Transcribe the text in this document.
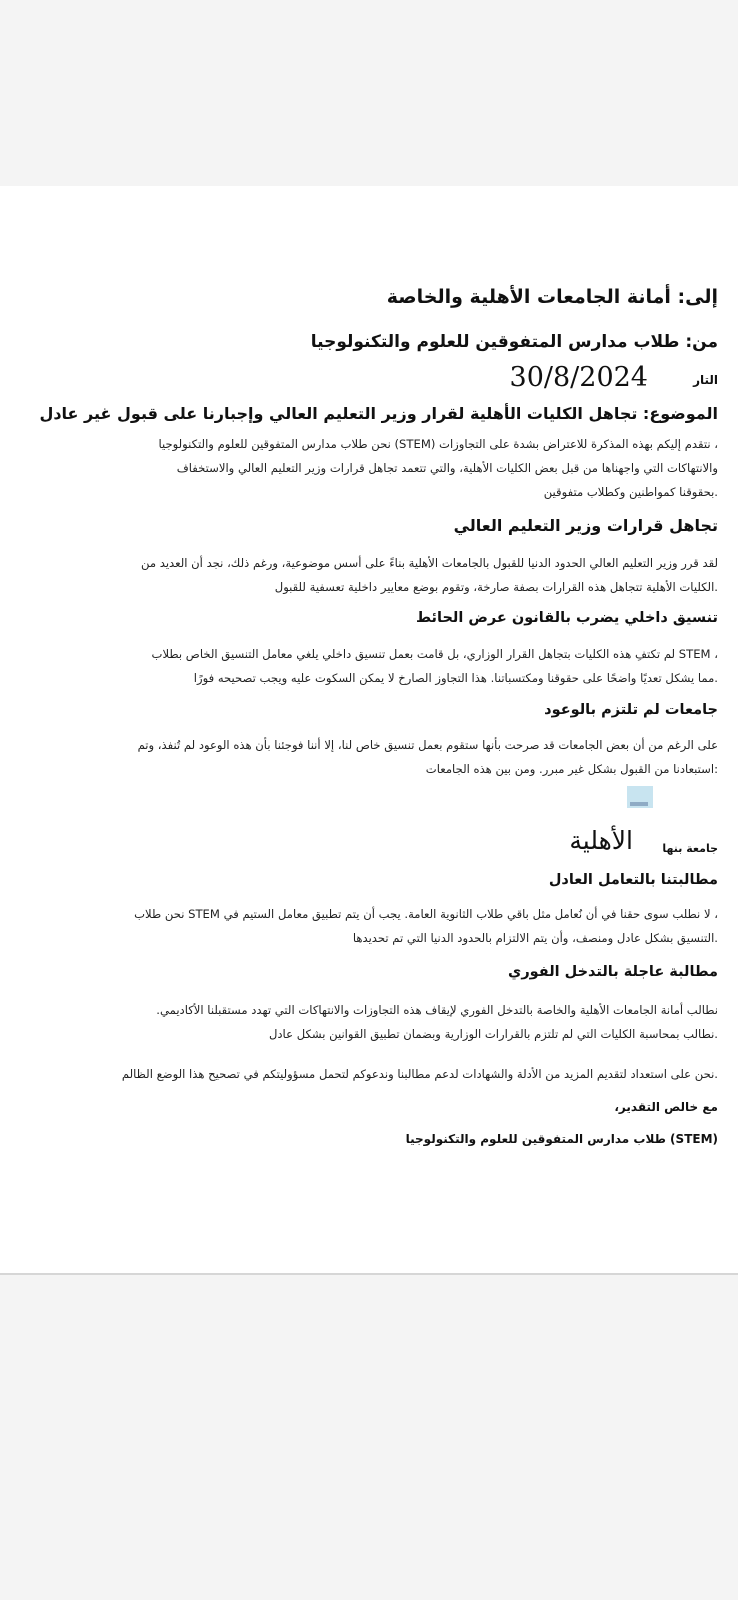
إلى: أمانة الجامعات الأهلية والخاصة

من: طلاب مدارس المتفوقين للعلوم والتكنولوجيا

التار

30/8/2024

الموضوع: تجاهل الكليات الأهلية لقرار وزير التعليم العالي وإجبارنا على قبول غير عادل

، نتقدم إليكم بهذه المذكرة للاعتراض بشدة على التجاوزات (STEM) نحن طلاب مدارس المتفوقين للعلوم والتكنولوجيا
والانتهاكات التي واجهناها من قبل بعض الكليات الأهلية، والتي تتعمد تجاهل قرارات وزير التعليم العالي والاستخفاف
.بحقوقنا كمواطنين وكطلاب متفوقين

تجاهل قرارات وزير التعليم العالي

لقد قرر وزير التعليم العالي الحدود الدنيا للقبول بالجامعات الأهلية بناءً على أسس موضوعية، ورغم ذلك، نجد أن العديد من
.الكليات الأهلية تتجاهل هذه القرارات بصفة صارخة، وتقوم بوضع معايير داخلية تعسفية للقبول

تنسيق داخلي يضرب بالقانون عرض الحائط

، STEM لم تكتفِ هذه الكليات بتجاهل القرار الوزاري، بل قامت بعمل تنسيق داخلي يلغي معامل التنسيق الخاص بطلاب
.مما يشكل تعديًا واضحًا على حقوقنا ومكتسباتنا. هذا التجاوز الصارخ لا يمكن السكوت عليه ويجب تصحيحه فورًا

جامعات لم تلتزم بالوعود

على الرغم من أن بعض الجامعات قد صرحت بأنها ستقوم بعمل تنسيق خاص لنا، إلا أننا فوجئنا بأن هذه الوعود لم تُنفذ، وتم
:استبعادنا من القبول بشكل غير مبرر. ومن بين هذه الجامعات

جامعة بنها

الأهلية

مطالبتنا بالتعامل العادل

، لا نطلب سوى حقنا في أن نُعامل مثل باقي طلاب الثانوية العامة. يجب أن يتم تطبيق معامل الستيم في STEM نحن طلاب
.التنسيق بشكل عادل ومنصف، وأن يتم الالتزام بالحدود الدنيا التي تم تحديدها

مطالبة عاجلة بالتدخل الفوري

نطالب أمانة الجامعات الأهلية والخاصة بالتدخل الفوري لإيقاف هذه التجاوزات والانتهاكات التي تهدد مستقبلنا الأكاديمي.
.نطالب بمحاسبة الكليات التي لم تلتزم بالقرارات الوزارية وبضمان تطبيق القوانين بشكل عادل
.نحن على استعداد لتقديم المزيد من الأدلة والشهادات لدعم مطالبنا وندعوكم لتحمل مسؤوليتكم في تصحيح هذا الوضع الظالم

مع خالص التقدير،

(STEM) طلاب مدارس المتفوقين للعلوم والتكنولوجيا
